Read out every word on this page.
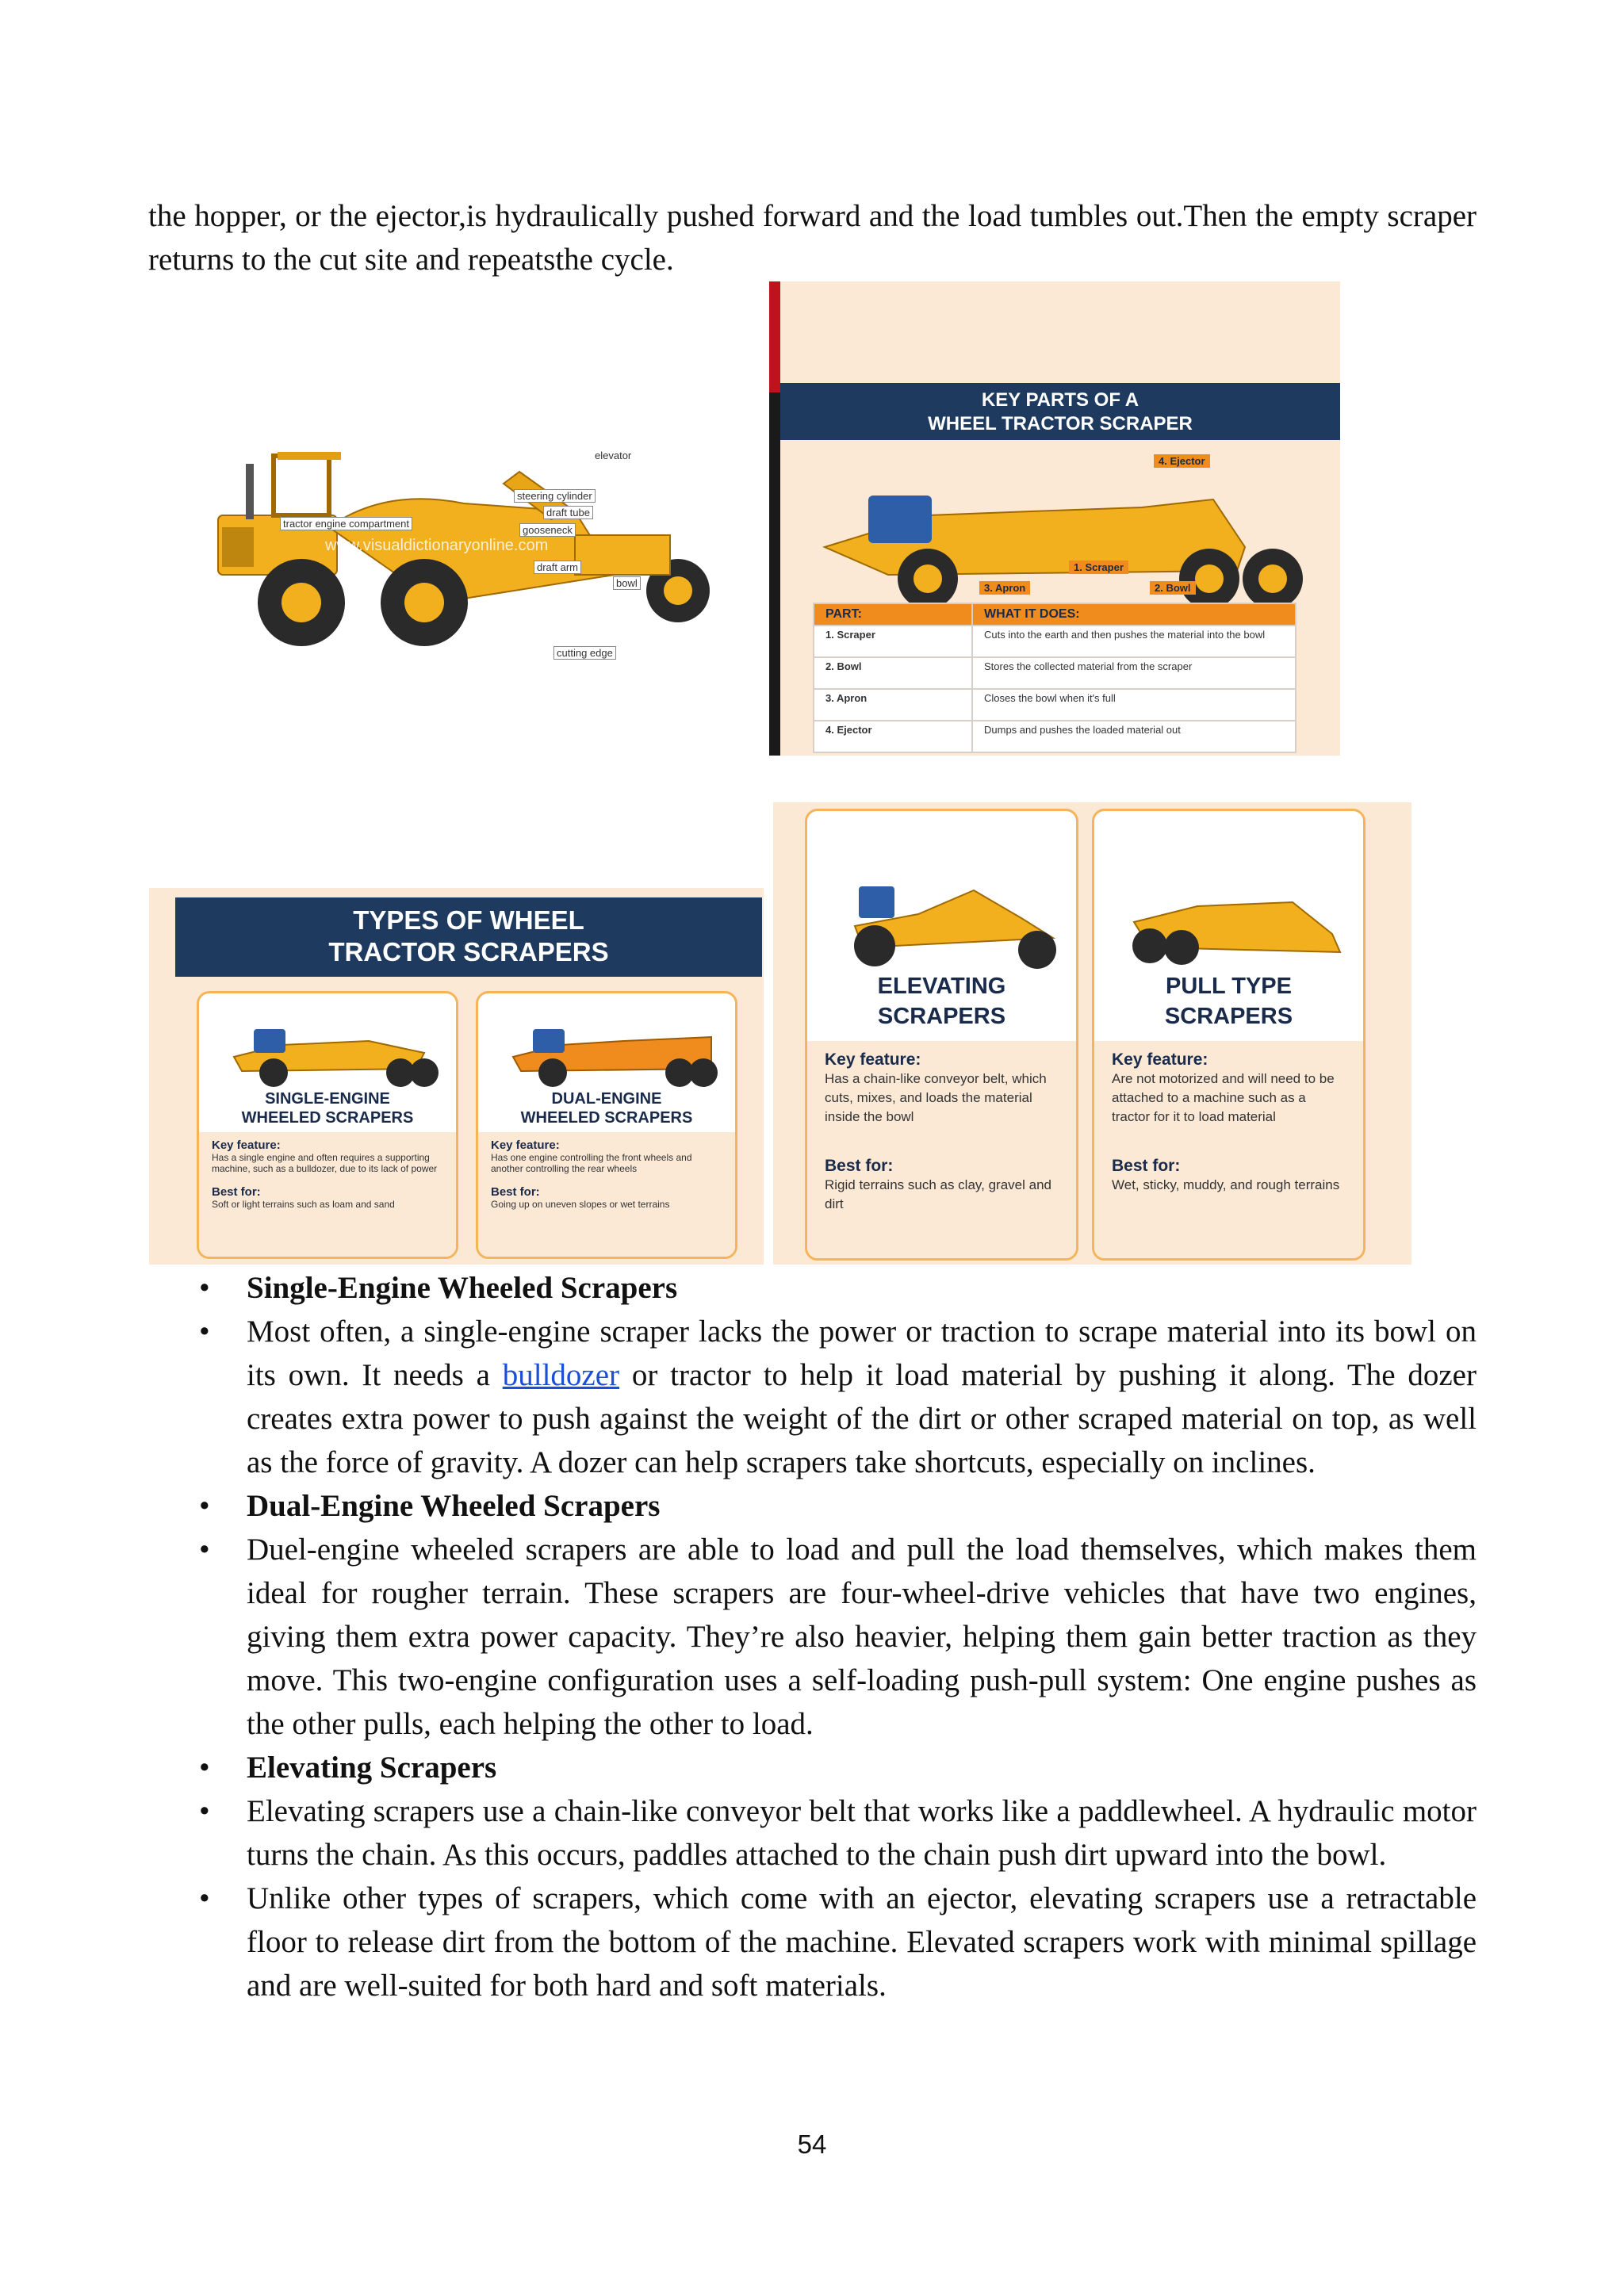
the hopper, or the ejector,is hydraulically pushed forward and the load tumbles out.Then the empty scraper returns to the cut site and repeatsthe cycle.

elevator
steering cylinder
draft tube
tractor engine compartment
gooseneck
www.visualdictionaryonline.com
draft arm
bowl
cutting edge
KEY PARTS OF A
WHEEL TRACTOR SCRAPER
4. Ejector
1. Scraper
3. Apron	2. Bowl
PART:	WHAT IT DOES:
1. Scraper	Cuts into the earth and then pushes the material into the bowl
2. Bowl	Stores the collected material from the scraper
3. Apron	Closes the bowl when it's full
4. Ejector	Dumps and pushes the loaded material out
TYPES OF WHEEL
TRACTOR SCRAPERS
SINGLE-ENGINE
WHEELED SCRAPERS
Key feature:
Has a single engine and often requires a supporting machine, such as a bulldozer, due to its lack of power
Best for:
Soft or light terrains such as loam and sand
DUAL-ENGINE
WHEELED SCRAPERS
Key feature:
Has one engine controlling the front wheels and another controlling the rear wheels
Best for:
Going up on uneven slopes or wet terrains
ELEVATING
SCRAPERS
Key feature:
Has a chain-like conveyor belt, which cuts, mixes, and loads the material inside the bowl
Best for:
Rigid terrains such as clay, gravel and dirt
PULL TYPE
SCRAPERS
Key feature:
Are not motorized and will need to be attached to a machine such as a tractor for it to load material
Best for:
Wet, sticky, muddy, and rough terrains
• Single-Engine Wheeled Scrapers
• Most often, a single-engine scraper lacks the power or traction to scrape material into its bowl on its own. It needs a bulldozer or tractor to help it load material by pushing it along. The dozer creates extra power to push against the weight of the dirt or other scraped material on top, as well as the force of gravity. A dozer can help scrapers take shortcuts, especially on inclines.
• Dual-Engine Wheeled Scrapers
• Duel-engine wheeled scrapers are able to load and pull the load themselves, which makes them ideal for rougher terrain. These scrapers are four-wheel-drive vehicles that have two engines, giving them extra power capacity. They’re also heavier, helping them gain better traction as they move. This two-engine configuration uses a self-loading push-pull system: One engine pushes as the other pulls, each helping the other to load.
• Elevating Scrapers
• Elevating scrapers use a chain-like conveyor belt that works like a paddlewheel. A hydraulic motor turns the chain. As this occurs, paddles attached to the chain push dirt upward into the bowl.
• Unlike other types of scrapers, which come with an ejector, elevating scrapers use a retractable floor to release dirt from the bottom of the machine. Elevated scrapers work with minimal spillage and are well-suited for both hard and soft materials.
54
